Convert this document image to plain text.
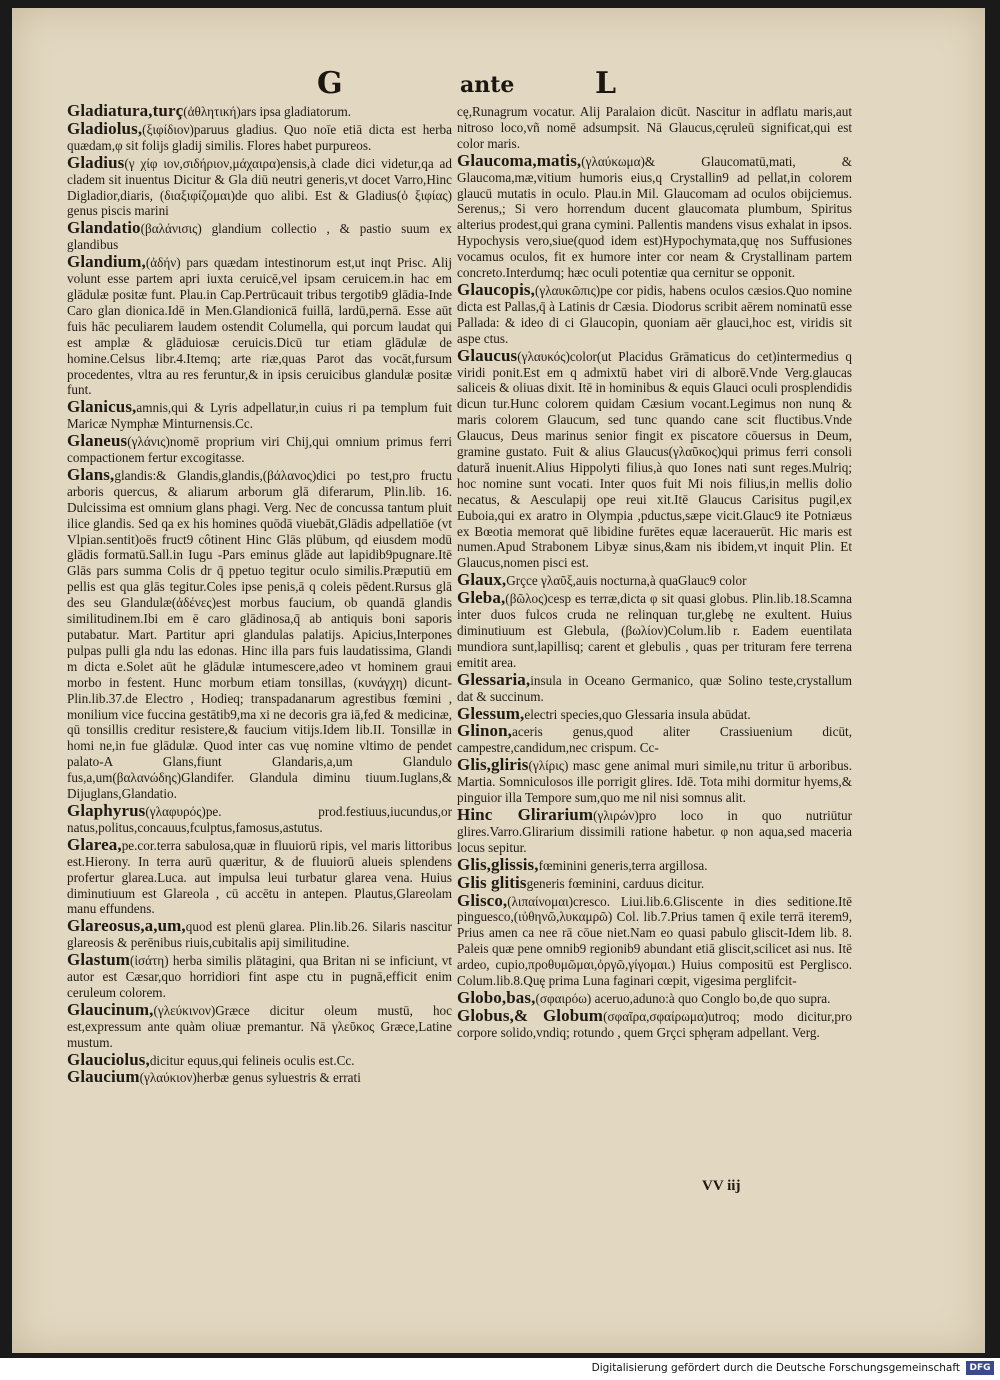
G	ante	L

Gladiatura,turç(ἀθλητική)ars ipsa gladiatorum.

Gladiolus,(ξιφίδιον)paruus gladius. Quo noīe etiā dicta est herba quædam,φ sit folijs gladij similis. Flores habet purpureos.

Gladius(γ χίφ ιον,σιδήριον,μάχαιρα)ensis,à clade dici videtur,qa ad cladem sit inuentus Dicitur & Gla diū neutri generis,vt docet Varro,Hinc Digladior,diaris, (διαξιφίζομαι)de quo alibi. Est & Gladius(ὁ ξιφίας) genus piscis marini

Glandatio(βαλάνισις) glandium collectio , & pastio suum ex glandibus

Glandium,(ἀδήν) pars quædam intestinorum est,ut inqt Prisc. Alij volunt esse partem apri iuxta ceruicē,vel ipsam ceruicem.in hac em glādulæ positæ funt. Plau.in Cap.Pertrūcauit tribus tergotib9 glādia-Inde Caro glan dionica.Idē in Men.Glandionicā fuillā, lardū,pernā. Esse aūt fuis hāc peculiarem laudem ostendit Columella, qui porcum laudat qui est amplæ & glāduiosæ ceruicis.Dicū tur etiam glādulæ de homine.Celsus libr.4.Itemq; arte riæ,quas Parot das vocāt,fursum procedentes, vltra au res feruntur,& in ipsis ceruicibus glandulæ positæ funt.

Glanicus,amnis,qui & Lyris adpellatur,in cuius ri pa templum fuit Maricæ Nymphæ Minturnensis.Cc.

Glaneus(γλάνις)nomē proprium viri Chij,qui omnium primus ferri compactionem fertur excogitasse.

Glans,glandis:& Glandis,glandis,(βάλανος)dici po test,pro fructu arboris quercus, & aliarum arborum glā diferarum, Plin.lib. 16. Dulcissima est omnium glans phagi. Verg. Nec de concussa tantum pluit ilice glandis. Sed qa ex his homines quōdā viuebāt,Glādis adpellatiōe (vt Vlpian.sentit)oēs fruct9 côtinent Hinc Glās plūbum, qd eiusdem modū glādis formatū.Sall.in Iugu -Pars eminus glāde aut lapidib9pugnare.Itē Glās pars summa Colis dr q̄ ppetuo tegitur oculo similis.Præputiū em pellis est qua glās tegitur.Coles ipse penis,ā q coleis pēdent.Rursus glā des seu Glandulæ(ἀδένες)est morbus faucium, ob quandā glandis similitudinem.Ibi em ē caro glādinosa,q̄ ab antiquis boni saporis putabatur. Mart. Partitur apri glandulas palatijs. Apicius,Interpones pulpas pulli gla ndu las edonas. Hinc illa pars fuis laudatissima, Glandi m dicta e.Solet aūt he glādulæ intumescere,adeo vt hominem graui morbo in festent. Hunc morbum etiam tonsillas, (κυνάγχη) dicunt-Plin.lib.37.de Electro , Hodieq; transpadanarum agrestibus fœmini , monilium vice fuccina gestātib9,ma xi ne decoris gra iā,fed & medicinæ, qū tonsillis creditur resistere,& faucium vitijs.Idem lib.II. Tonsillæ in homi ne,in fue glādulæ. Quod inter cas vuę nomine vltimo de pendet palato-A Glans,fiunt Glandaris,a,um Glandulo fus,a,um(βαλανώδης)Glandifer. Glandula diminu tiuum.Iuglans,& Dijuglans,Glandatio.

Glaphyrus(γλαφυρός)pe. prod.festiuus,iucundus,or natus,politus,concauus,fculptus,famosus,astutus.

Glarea,pe.cor.terra sabulosa,quæ in fluuiorū ripis, vel maris littoribus est.Hierony. In terra aurū quæritur, & de fluuiorū alueis splendens profertur glarea.Luca. aut impulsa leui turbatur glarea vena. Huius diminutiuum est Glareola , cū accētu in antepen. Plautus,Glareolam manu effundens.

Glareosus,a,um,quod est plenū glarea. Plin.lib.26. Silaris nascitur glareosis & perēnibus riuis,cubitalis apij similitudine.

Glastum(ἰσάτη) herba similis plātagini, qua Britan ni se inficiunt, vt autor est Cæsar,quo horridiori fint aspe ctu in pugnā,efficit enim ceruleum colorem.

Glaucinum,(γλεύκινον)Græce dicitur oleum mustū, hoc est,expressum ante quàm oliuæ premantur. Nā γλεῦκος Græce,Latine mustum.

Glauciolus,dicitur equus,qui felineis oculis est.Cc.

Glaucium(γλαύκιον)herbæ genus syluestris & errati

cę,Runagrum vocatur. Alij Paralaion dicūt. Nascitur in adflatu maris,aut nitroso loco,vñ nomē adsumpsit. Nā Glaucus,cęruleū significat,qui est color maris.

Glaucoma,matis,(γλαύκωμα)& Glaucomatū,mati, & Glaucoma,mæ,vitium humoris eius,q Crystallin9 ad pellat,in colorem glaucū mutatis in oculo. Plau.in Mil. Glaucomam ad oculos obijciemus. Serenus,; Si vero horrendum ducent glaucomata plumbum, Spiritus alterius prodest,qui grana cymini. Pallentis mandens visus exhalat in ipsos. Hypochysis vero,siue(quod idem est)Hypochymata,quę nos Suffusiones vocamus oculos, fit ex humore inter cor neam & Crystallinam partem concreto.Interdumq; hæc oculi potentiæ qua cernitur se opponit.

Glaucopis,(γλαυκῶπις)pe cor pidis, habens oculos cæsios.Quo nomine dicta est Pallas,q̄ à Latinis dr Cæsia. Diodorus scribit aērem nominatū esse Pallada: & ideo di ci Glaucopin, quoniam aēr glauci,hoc est, viridis sit aspe ctus.

Glaucus(γλαυκός)color(ut Placidus Grāmaticus do cet)intermedius q viridi ponit.Est em q admixtū habet viri di alborē.Vnde Verg.glaucas saliceis & oliuas dixit. Itē in hominibus & equis Glauci oculi prosplendidis dicun tur.Hunc colorem quidam Cæsium vocant.Legimus non nunq & maris colorem Glaucum, sed tunc quando cane scit fluctibus.Vnde Glaucus, Deus marinus senior fingit ex piscatore cōuersus in Deum, gramine gustato. Fuit & alius Glaucus(γλαῦκος)qui primus ferri consoli datură inuenit.Alius Hippolyti filius,à quo Iones nati sunt reges.Mulriq; hoc nomine sunt vocati. Inter quos fuit Mi nois filius,in mellis dolio necatus, & Aesculapij ope reui xit.Itē Glaucus Carisitus pugil,ex Euboia,qui ex aratro in Olympia ,pductus,sæpe vicit.Glauc9 ite Potniæus ex Bœotia memorat quē libidine furētes equæ lacerauerūt. Hic maris est numen.Apud Strabonem Libyæ sinus,&am nis ibidem,vt inquit Plin. Et Glaucus,nomen pisci est.

Glaux,Grçce γλαῦξ,auis nocturna,à quaGlauc9 color

Gleba,(βῶλος)cesp es terræ,dicta φ sit quasi globus. Plin.lib.18.Scamna inter duos fulcos cruda ne relinquan tur,glebę ne exultent. Huius diminutiuum est Glebula, (βωλίον)Colum.lib r. Eadem euentilata mundiora sunt,lapillisq; carent et glebulis , quas per trituram fere terrena emitit area.

Glessaria,insula in Oceano Germanico, quæ Solino teste,crystallum dat & succinum.

Glessum,electri species,quo Glessaria insula abūdat.

Glinon,aceris genus,quod aliter Crassiuenium dicūt, campestre,candidum,nec crispum. Cc-

Glis,gliris(γλίρις) masc gene animal muri simile,nu tritur ū arboribus. Martia. Somniculosos ille porrigit glires. Idē. Tota mihi dormitur hyems,& pinguior illa Tempore sum,quo me nil nisi somnus alit.

Hinc Glirarium(γλιρών)pro loco in quo nutriūtur glires.Varro.Glirarium dissimili ratione habetur. φ non aqua,sed maceria locus sepitur.

Glis,glissis,fœminini generis,terra argillosa.

Glis glitisgeneris fœminini, carduus dicitur.

Glisco,(λιπαίνομαι)cresco. Liui.lib.6.Gliscente in dies seditione.Itē pinguesco,(ιὐθηνῶ,λυκαμρῶ) Col. lib.7.Prius tamen q̄ exile terrā iterem9, Prius amen ca nee rā cōue niet.Nam eo quasi pabulo gliscit-Idem lib. 8. Paleis quæ pene omnib9 regionib9 abundant etiā gliscit,scilicet asi nus. Itē ardeo, cupio,προθυμῶμαι,ὀργῶ,γίγομαι.) Huius compositū est Perglisco. Colum.lib.8.Quę prima Luna faginari cœpit, vigesima perglifcit-

Globo,bas,(σφαιρόω) aceruo,aduno:à quo Conglo bo,de quo supra.

Globus,& Globum(σφαῖρα,σφαίρωμα)utroq; modo dicitur,pro corpore solido,vndiq; rotundo , quem Grçci sphęram adpellant. Verg.

VV iij
Digitalisierung gefördert durch die Deutsche Forschungsgemeinschaft	DFG
